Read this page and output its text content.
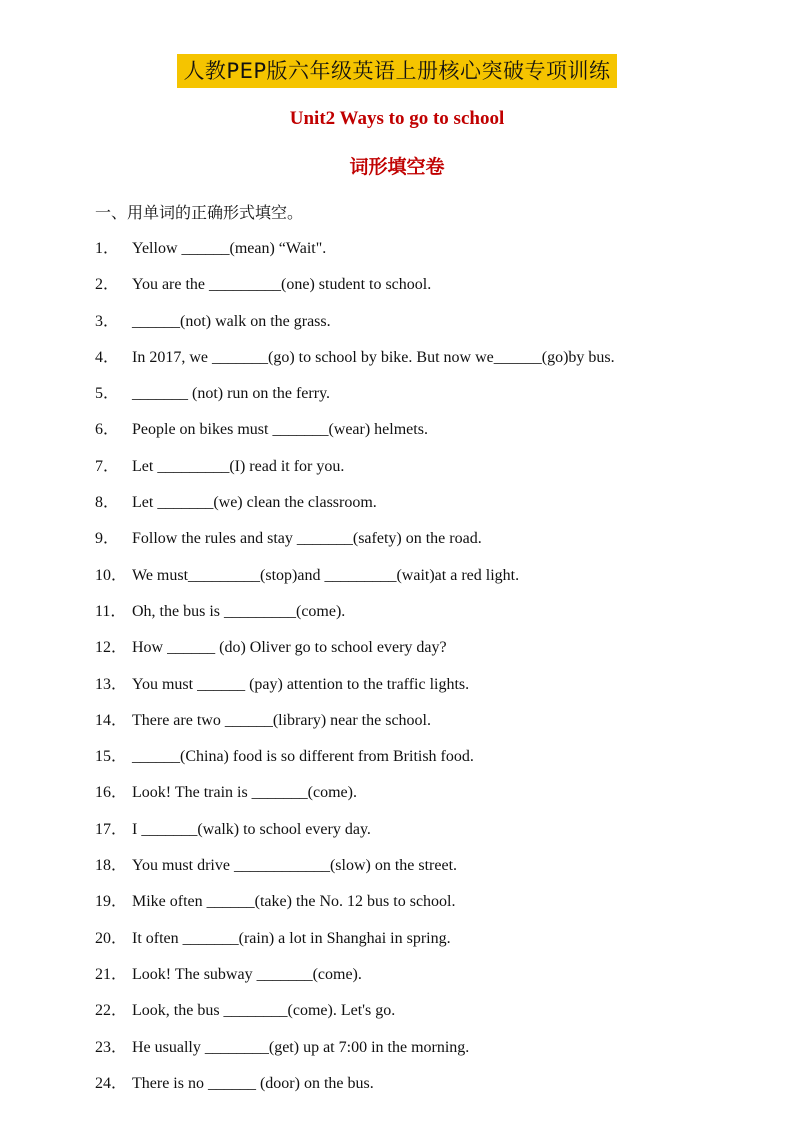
人教PEP版六年级英语上册核心突破专项训练
Unit2 Ways to go to school
词形填空卷
一、用单词的正确形式填空。
1． Yellow ______(mean) “Wait".
2． You are the _________(one) student to school.
3． ______(not) walk on the grass.
4． In 2017, we _______(go) to school by bike. But now we______(go)by bus.
5． _______ (not) run on the ferry.
6． People on bikes must _______(wear) helmets.
7． Let _________(I) read it for you.
8． Let _______(we) clean the classroom.
9． Follow the rules and stay _______(safety) on the road.
10． We must_________(stop)and _________(wait)at a red light.
11． Oh, the bus is _________(come).
12． How ______ (do) Oliver go to school every day?
13． You must ______ (pay) attention to the traffic lights.
14． There are two ______(library) near the school.
15． ______(China) food is so different from British food.
16． Look! The train is _______(come).
17． I _______(walk) to school every day.
18． You must drive ____________(slow) on the street.
19． Mike often ______(take) the No. 12 bus to school.
20． It often _______(rain) a lot in Shanghai in spring.
21． Look! The subway _______(come).
22． Look, the bus ________(come). Let's go.
23． He usually ________(get) up at 7:00 in the morning.
24． There is no ______ (door) on the bus.
